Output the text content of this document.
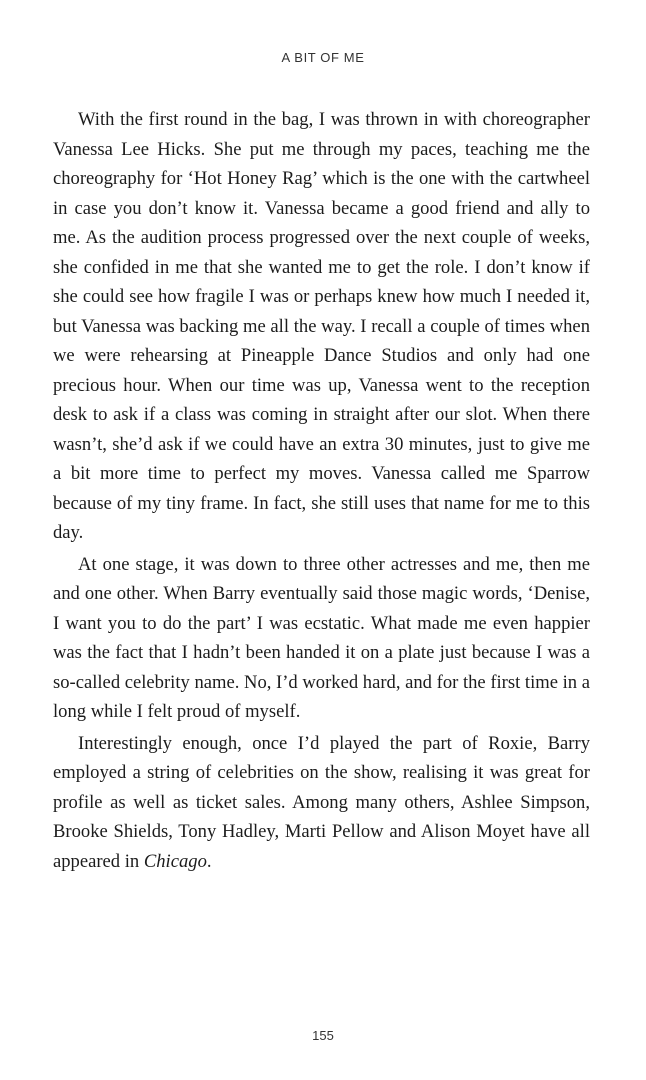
A BIT OF ME

With the first round in the bag, I was thrown in with choreographer Vanessa Lee Hicks. She put me through my paces, teaching me the choreography for ‘Hot Honey Rag’ which is the one with the cartwheel in case you don’t know it. Vanessa became a good friend and ally to me. As the audition process progressed over the next couple of weeks, she confided in me that she wanted me to get the role. I don’t know if she could see how fragile I was or perhaps knew how much I needed it, but Vanessa was backing me all the way. I recall a couple of times when we were rehearsing at Pineapple Dance Studios and only had one precious hour. When our time was up, Vanessa went to the reception desk to ask if a class was coming in straight after our slot. When there wasn’t, she’d ask if we could have an extra 30 minutes, just to give me a bit more time to perfect my moves. Vanessa called me Sparrow because of my tiny frame. In fact, she still uses that name for me to this day.

At one stage, it was down to three other actresses and me, then me and one other. When Barry eventually said those magic words, ‘Denise, I want you to do the part’ I was ecstatic. What made me even happier was the fact that I hadn’t been handed it on a plate just because I was a so-called celebrity name. No, I’d worked hard, and for the first time in a long while I felt proud of myself.

Interestingly enough, once I’d played the part of Roxie, Barry employed a string of celebrities on the show, realising it was great for profile as well as ticket sales. Among many others, Ashlee Simpson, Brooke Shields, Tony Hadley, Marti Pellow and Alison Moyet have all appeared in Chicago.

155
